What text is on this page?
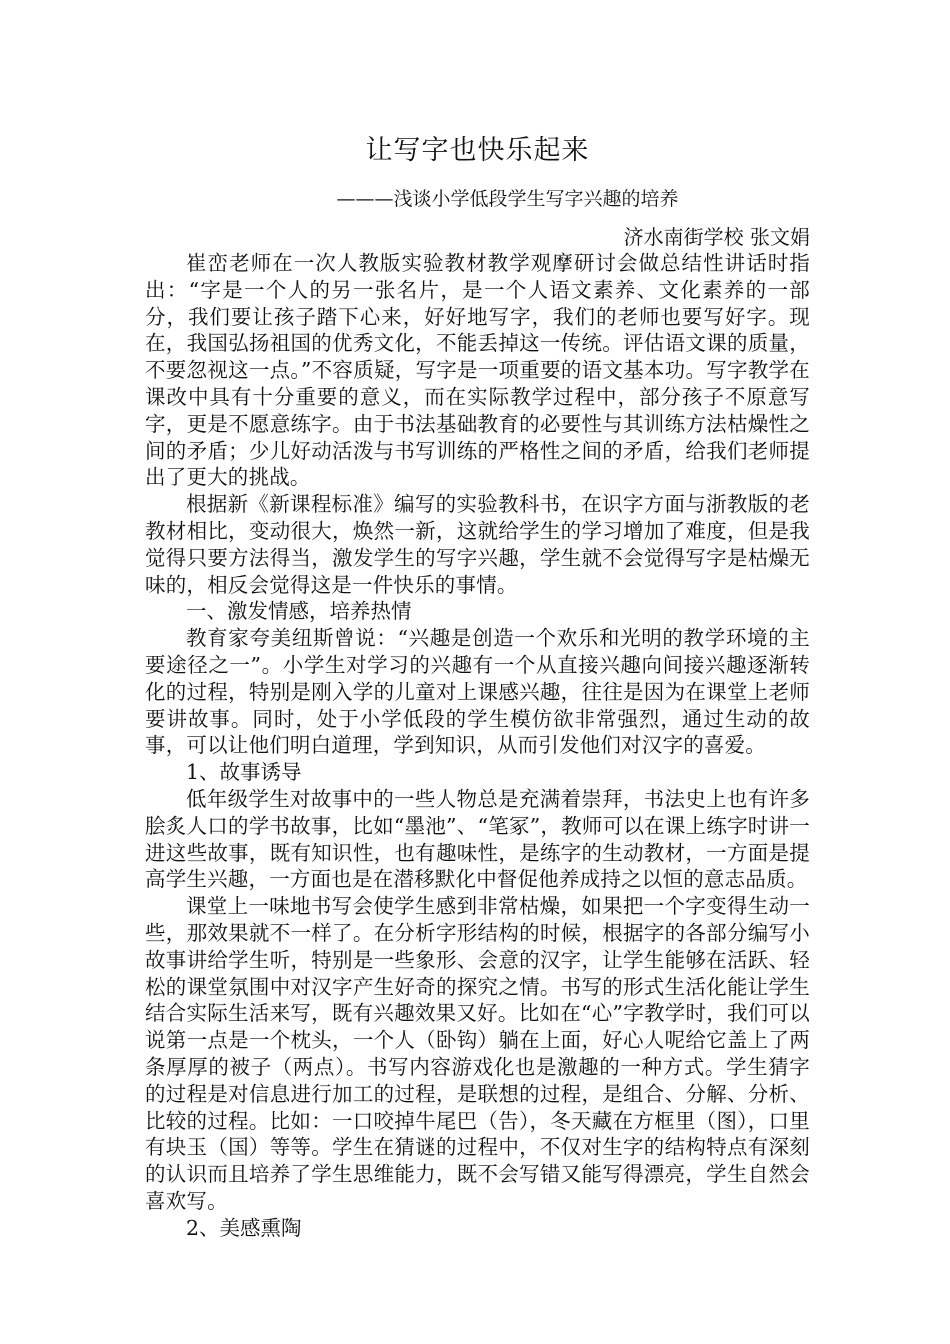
让写字也快乐起来

———浅谈小学低段学生写字兴趣的培养

济水南街学校 张文娟

崔峦老师在一次人教版实验教材教学观摩研讨会做总结性讲话时指出：“字是一个人的另一张名片，是一个人语文素养、文化素养的一部分，我们要让孩子踏下心来，好好地写字，我们的老师也要写好字。现在，我国弘扬祖国的优秀文化，不能丢掉这一传统。评估语文课的质量，不要忽视这一点。”不容质疑，写字是一项重要的语文基本功。写字教学在课改中具有十分重要的意义，而在实际教学过程中，部分孩子不原意写字，更是不愿意练字。由于书法基础教育的必要性与其训练方法枯燥性之间的矛盾；少儿好动活泼与书写训练的严格性之间的矛盾，给我们老师提出了更大的挑战。

根据新《新课程标准》编写的实验教科书，在识字方面与浙教版的老教材相比，变动很大，焕然一新，这就给学生的学习增加了难度，但是我觉得只要方法得当，激发学生的写字兴趣，学生就不会觉得写字是枯燥无味的，相反会觉得这是一件快乐的事情。

一、激发情感，培养热情

教育家夸美纽斯曾说：“兴趣是创造一个欢乐和光明的教学环境的主要途径之一”。小学生对学习的兴趣有一个从直接兴趣向间接兴趣逐渐转化的过程，特别是刚入学的儿童对上课感兴趣，往往是因为在课堂上老师要讲故事。同时，处于小学低段的学生模仿欲非常强烈，通过生动的故事，可以让他们明白道理，学到知识，从而引发他们对汉字的喜爱。

1、故事诱导

低年级学生对故事中的一些人物总是充满着崇拜，书法史上也有许多脍炙人口的学书故事，比如“墨池”、“笔冢”，教师可以在课上练字时讲一进这些故事，既有知识性，也有趣味性，是练字的生动教材，一方面是提高学生兴趣，一方面也是在潜移默化中督促他养成持之以恒的意志品质。

课堂上一味地书写会使学生感到非常枯燥，如果把一个字变得生动一些，那效果就不一样了。在分析字形结构的时候，根据字的各部分编写小故事讲给学生听，特别是一些象形、会意的汉字，让学生能够在活跃、轻松的课堂氛围中对汉字产生好奇的探究之情。书写的形式生活化能让学生结合实际生活来写，既有兴趣效果又好。比如在“心”字教学时，我们可以说第一点是一个枕头，一个人（卧钩）躺在上面，好心人呢给它盖上了两条厚厚的被子（两点）。书写内容游戏化也是激趣的一种方式。学生猜字的过程是对信息进行加工的过程，是联想的过程，是组合、分解、分析、比较的过程。比如：一口咬掉牛尾巴（告），冬天藏在方框里（图），口里有块玉（国）等等。学生在猜谜的过程中，不仅对生字的结构特点有深刻的认识而且培养了学生思维能力，既不会写错又能写得漂亮，学生自然会喜欢写。

2、美感熏陶
